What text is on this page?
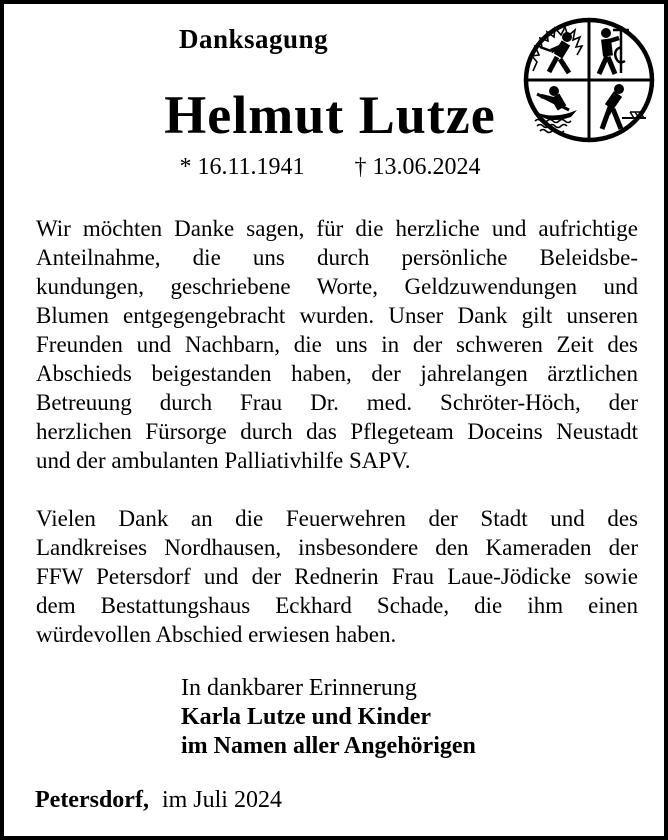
Danksagung
Helmut Lutze
* 16.11.1941 † 13.06.2024
Wir möchten Danke sagen, für die herzliche und aufrichtige
Anteilnahme, die uns durch persönliche Beleidsbe-
kundungen, geschriebene Worte, Geldzuwendungen und
Blumen entgegengebracht wurden. Unser Dank gilt unseren
Freunden und Nachbarn, die uns in der schweren Zeit des
Abschieds beigestanden haben, der jahrelangen ärztlichen
Betreuung durch Frau Dr. med. Schröter-Höch, der
herzlichen Fürsorge durch das Pflegeteam Doceins Neustadt
und der ambulanten Palliativhilfe SAPV.
Vielen Dank an die Feuerwehren der Stadt und des
Landkreises Nordhausen, insbesondere den Kameraden der
FFW Petersdorf und der Rednerin Frau Laue-Jödicke sowie
dem Bestattungshaus Eckhard Schade, die ihm einen
würdevollen Abschied erwiesen haben.
In dankbarer Erinnerung
Karla Lutze und Kinder
im Namen aller Angehörigen
Petersdorf, im Juli 2024
